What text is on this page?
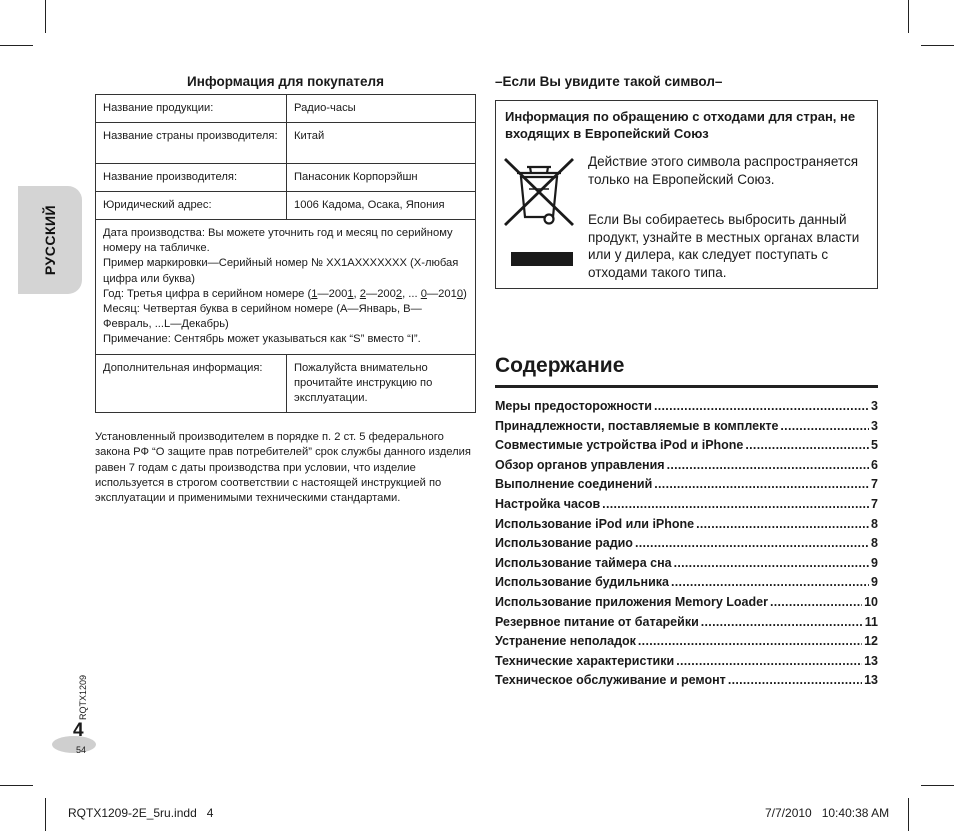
РУССКИЙ
Информация для покупателя
Название продукции:	Радио-часы
Название страны производителя:	Китай
Название производителя:	Панасоник Корпорэйшн
Юридический адрес:	1006 Кадома, Осака, Япония

Дата производства: Вы можете уточнить год и месяц по серийному номеру на табличке.
Пример маркировки—Серийный номер № XX1AXXXXXXX (X-любая цифра или буква)
Год: Третья цифра в серийном номере (1—2001, 2—2002, ... 0—2010)
Месяц: Четвертая буква в серийном номере (A—Январь, B—Февраль, ...L—Декабрь)
Примечание: Сентябрь может указываться как “S” вместо “I”.	

Дополнительная информация:	Пожалуйста внимательно прочитайте инструкцию по эксплуатации.
Установленный производителем в порядке п. 2 ст. 5 федерального закона РФ “О защите прав потребителей” срок службы данного изделия равен 7 годам с даты производства при условии, что изделие используется в строгом соответствии с настоящей инструкцией по эксплуатации и применимыми техническими стандартами.
–Если Вы увидите такой символ–
Информация по обращению с отходами для стран, не входящих в Европейский Союз
Действие этого символа распространяется только на Европейский Союз.
Если Вы собираетесь выбросить данный продукт, узнайте в местных органах власти или у дилера, как следует поступать с отходами такого типа.
Содержание
Меры предосторожности .....	3
Принадлежности, поставляемые в комплекте .....	3
Совместимые устройства iPod и iPhone .....	5
Обзор органов управления .....	6
Выполнение соединений .....	7
Настройка часов .....	7
Использование iPod или iPhone .....	8
Использование радио .....	8
Использование таймера сна .....	9
Использование будильника .....	9
Использование приложения Memory Loader .....	10
Резервное питание от батарейки .....	11
Устранение неполадок .....	12
Технические характеристики .....	13
Техническое обслуживание и ремонт .....	13
RQTX1209
4
54
RQTX1209-2E_5ru.indd   4	7/7/2010   10:40:38 AM
